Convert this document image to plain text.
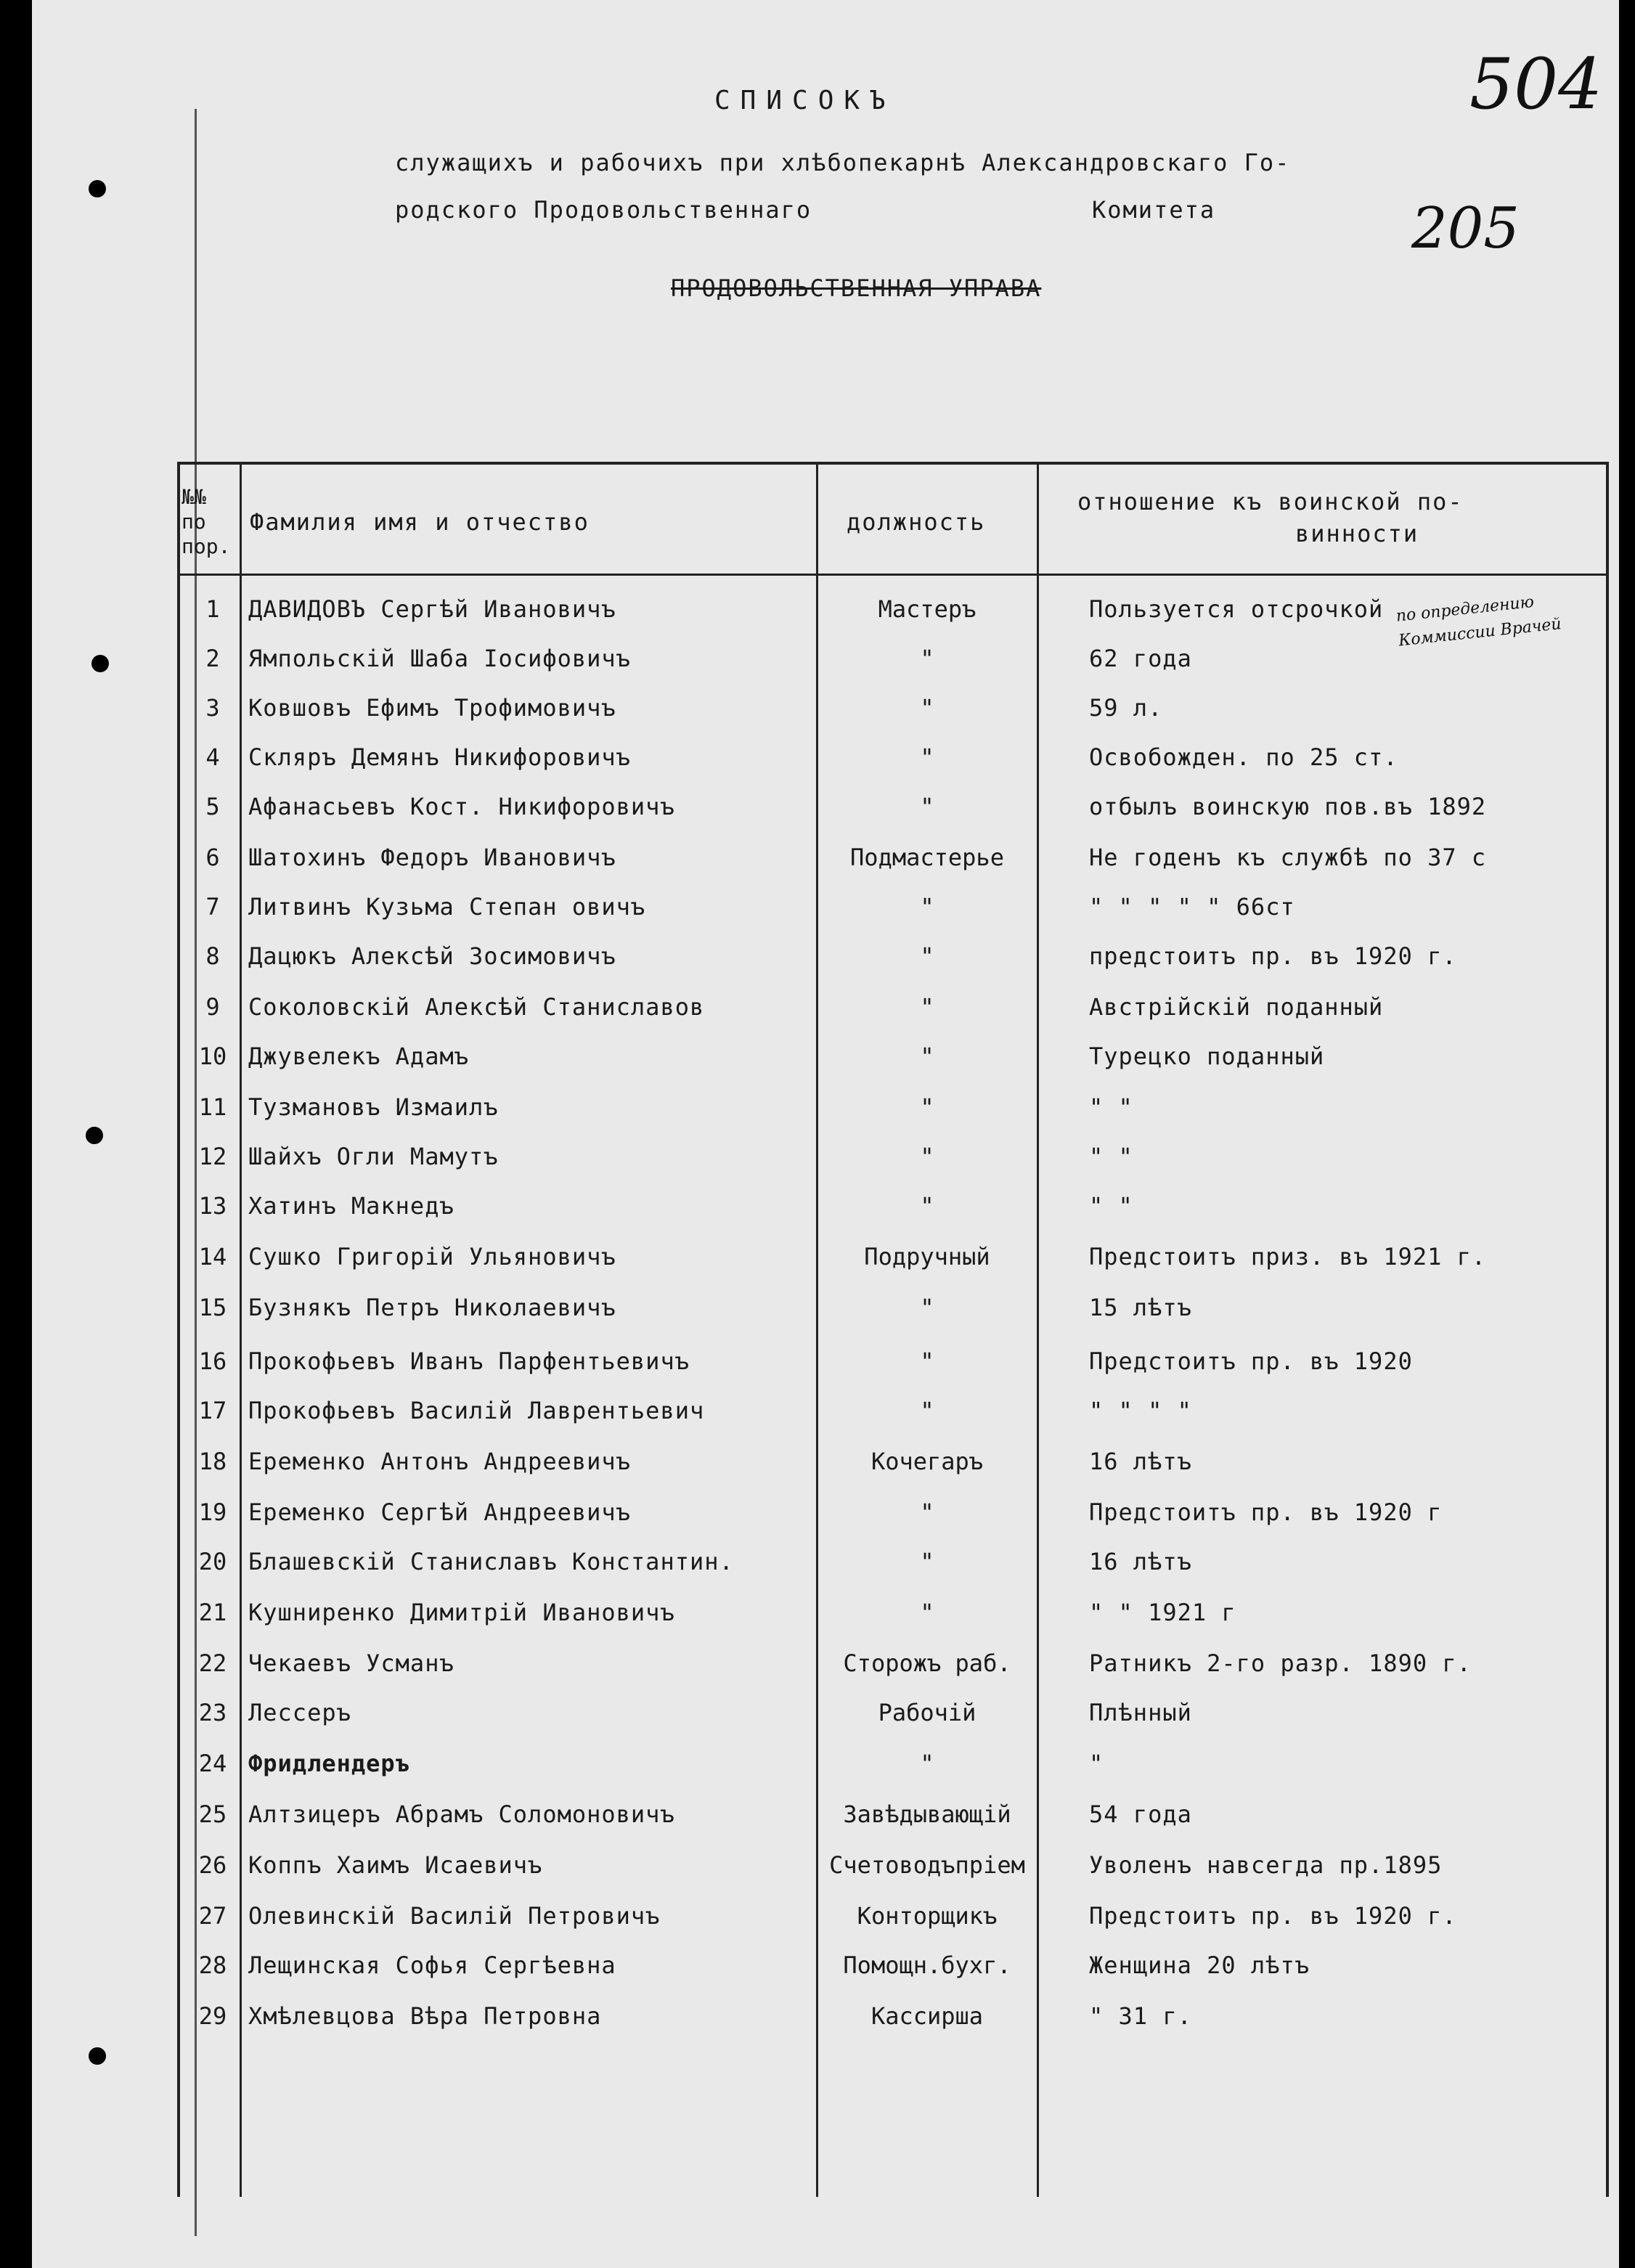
504
205
СПИСОКЪ
служащихъ и рабочихъ при хлѣбопекарнѣ Александровскаго Го-
родского Продовольственнаго	Комитета
ПРОДОВОЛЬСТВЕННАЯ УПРАВА
№№ по пор.
Фамилия имя и отчество	должность
отношение къ воинской по-
винности
1	ДАВИДОВЪ Сергѣй Ивановичъ	Мастеръ	Пользуется отсрочкой
2	Ямпольскій Шаба Іосифовичъ	"	62 года
3	Ковшовъ Ефимъ Трофимовичъ	"	59 л.
4	Скляръ Демянъ Никифоровичъ	"	Освобожден. по 25 ст.
5	Афанасьевъ Кост. Никифоровичъ	"	отбылъ воинскую пов.въ 1892
6	Шатохинъ Федоръ Ивановичъ	Подмастерье	Не годенъ къ службѣ по 37 с
7	Литвинъ Кузьма Степан овичъ	"	" " " " " 66ст
8	Дацюкъ Алексѣй Зосимовичъ	"	предстоитъ пр. въ 1920 г.
9	Соколовскій Алексѣй Станиславов	"	Австрійскій поданный
10 Джувелекъ Адамъ	"	Турецко поданный
11 Тузмановъ Измаилъ	"	" "
12 Шайхъ Огли Мамутъ	"	" "
13 Хатинъ Макнедъ	"	" "
14 Сушко Григорій Ульяновичъ	Подручный	Предстоитъ приз. въ 1921 г.
15 Бузнякъ Петръ Николаевичъ	"	15 лѣтъ
16 Прокофьевъ Иванъ Парфентьевичъ	"	Предстоитъ пр. въ 1920
17 Прокофьевъ Василій Лаврентьевич	"	" " " "
18 Еременко Антонъ Андреевичъ	Кочегаръ	16 лѣтъ
19 Еременко Сергѣй Андреевичъ	"	Предстоитъ пр. въ 1920 г
20 Блашевскій Станиславъ Константин.	"	16 лѣтъ
21 Кушниренко Димитрій Ивановичъ	"	" " 1921 г
22 Чекаевъ Усманъ	Сторожъ раб.	Ратникъ 2-го разр. 1890 г.
23 Лессеръ	Рабочій	Плѣнный
24 Фридлендеръ	"	"
25 Алтзицеръ Абрамъ Соломоновичъ	Завѣдывающій	54 года
26 Коппъ Хаимъ Исаевичъ	Счетоводъпріем	Уволенъ навсегда пр.1895
27 Олевинскій Василій Петровичъ	Конторщикъ	Предстоитъ пр. въ 1920 г.
28 Лещинская Софья Сергѣевна	Помощн.бухг.	Женщина 20 лѣтъ
29 Хмѣлевцова Вѣра Петровна	Кассирша	" 31 г.
по определению Коммиссии Врачей
